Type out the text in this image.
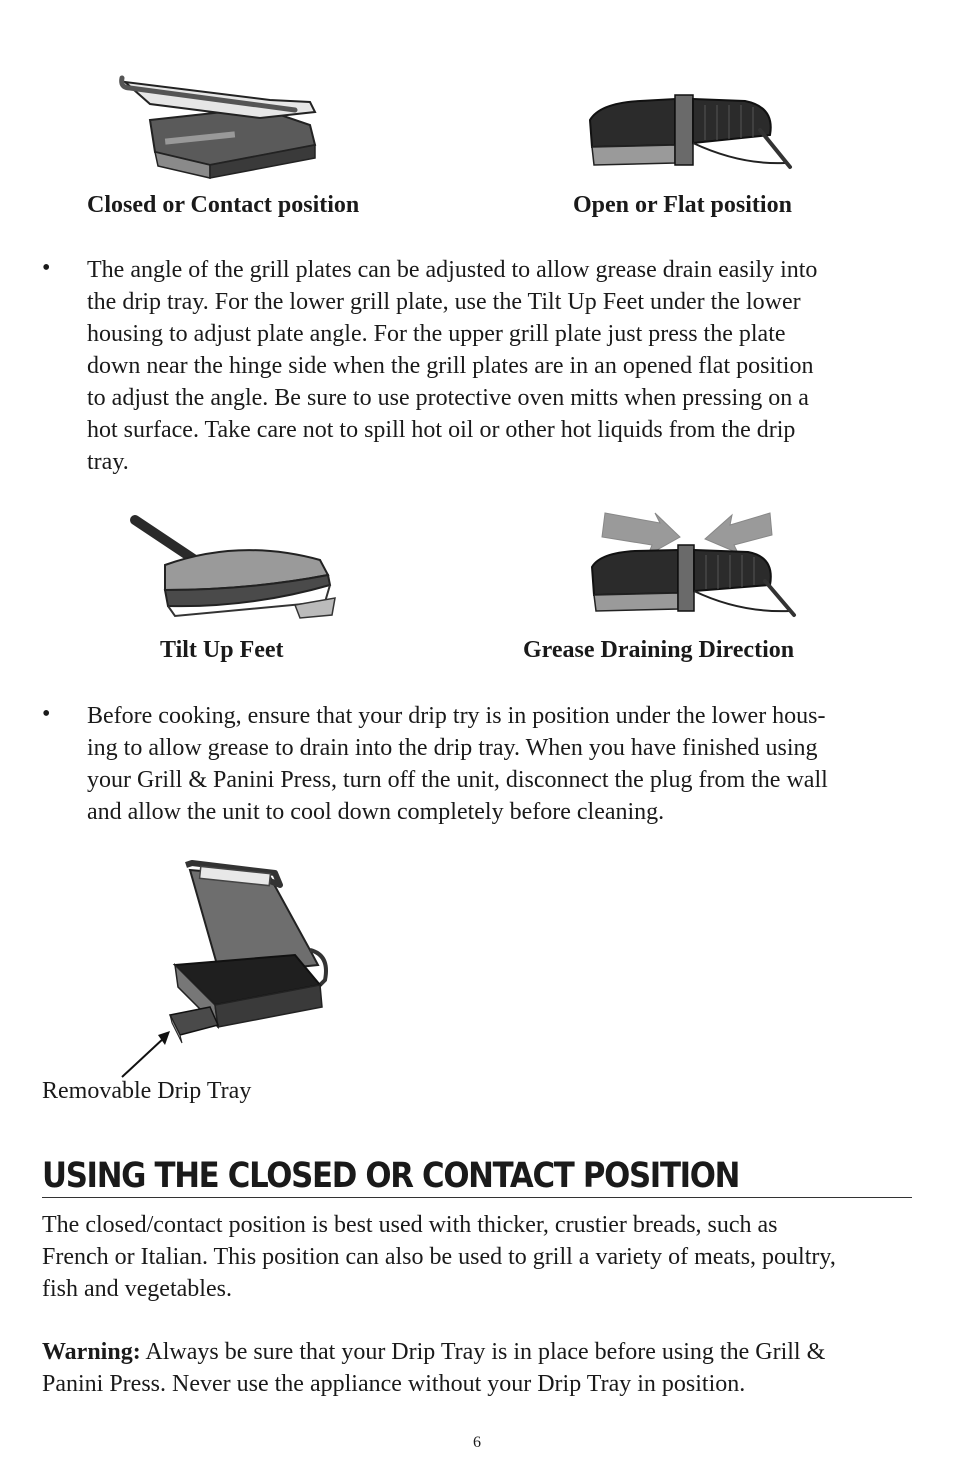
Closed or Contact position	Open or Flat position
• The angle of the grill plates can be adjusted to allow grease drain easily into
the drip tray. For the lower grill plate, use the Tilt Up Feet under the lower
housing to adjust plate angle. For the upper grill plate just press the plate
down near the hinge side when the grill plates are in an opened flat position
to adjust the angle. Be sure to use protective oven mitts when pressing on a
hot surface. Take care not to spill hot oil or other hot liquids from the drip
tray.
Tilt Up Feet	Grease Draining Direction
• Before cooking, ensure that your drip try is in position under the lower hous-
ing to allow grease to drain into the drip tray. When you have finished using
your Grill & Panini Press, turn off the unit, disconnect the plug from the wall
and allow the unit to cool down completely before cleaning.
Removable Drip Tray
USING THE CLOSED OR CONTACT POSITION
The closed/contact position is best used with thicker, crustier breads, such as
French or Italian. This position can also be used to grill a variety of meats, poultry,
fish and vegetables.
Warning: Always be sure that your Drip Tray is in place before using the Grill &
Panini Press. Never use the appliance without your Drip Tray in position.
6
